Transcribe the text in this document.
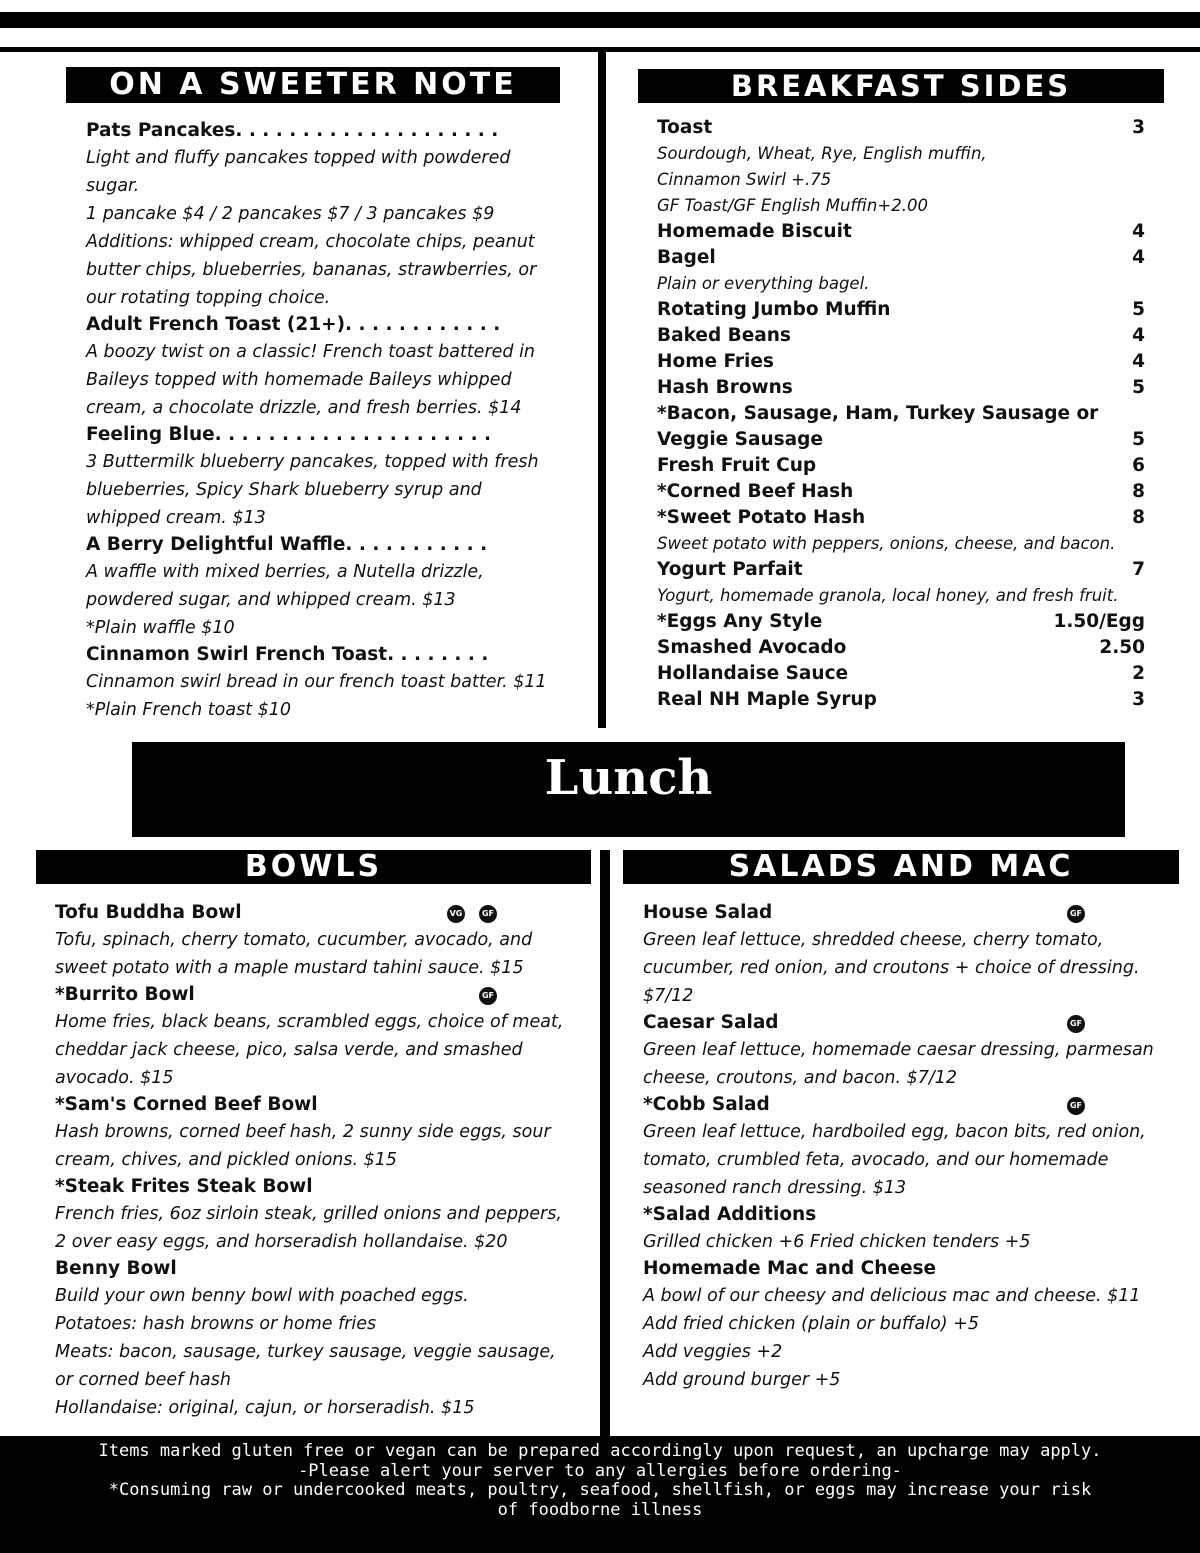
ON A SWEETER NOTE
Pats Pancakes. . . . . . . . . . . . . . . . . . . .
Light and fluffy pancakes topped with powdered
sugar.
1 pancake $4 / 2 pancakes $7 / 3 pancakes $9
Additions: whipped cream, chocolate chips, peanut
butter chips, blueberries, bananas, strawberries, or
our rotating topping choice.
Adult French Toast (21+). . . . . . . . . . . .
A boozy twist on a classic! French toast battered in
Baileys topped with homemade Baileys whipped
cream, a chocolate drizzle, and fresh berries. $14
Feeling Blue. . . . . . . . . . . . . . . . . . . . .
3 Buttermilk blueberry pancakes, topped with fresh
blueberries, Spicy Shark blueberry syrup and
whipped cream. $13
A Berry Delightful Waffle. . . . . . . . . . .
A waffle with mixed berries, a Nutella drizzle,
powdered sugar, and whipped cream. $13
*Plain waffle $10
Cinnamon Swirl French Toast. . . . . . . .
Cinnamon swirl bread in our french toast batter. $11
*Plain French toast $10
BREAKFAST SIDES
Toast	3
Sourdough, Wheat, Rye, English muffin,
Cinnamon Swirl +.75
GF Toast/GF English Muffin+2.00
Homemade Biscuit	4
Bagel	4
Plain or everything bagel.
Rotating Jumbo Muffin	5
Baked Beans	4
Home Fries	4
Hash Browns	5
*Bacon, Sausage, Ham, Turkey Sausage or
Veggie Sausage	5
Fresh Fruit Cup	6
*Corned Beef Hash	8
*Sweet Potato Hash	8
Sweet potato with peppers, onions, cheese, and bacon.
Yogurt Parfait	7
Yogurt, homemade granola, local honey, and fresh fruit.
*Eggs Any Style	1.50/Egg
Smashed Avocado	2.50
Hollandaise Sauce	2
Real NH Maple Syrup	3
Lunch
BOWLS
Tofu Buddha Bowl	VG	GF
Tofu, spinach, cherry tomato, cucumber, avocado, and
sweet potato with a maple mustard tahini sauce. $15
*Burrito Bowl	GF
Home fries, black beans, scrambled eggs, choice of meat,
cheddar jack cheese, pico, salsa verde, and smashed
avocado. $15
*Sam's Corned Beef Bowl
Hash browns, corned beef hash, 2 sunny side eggs, sour
cream, chives, and pickled onions. $15
*Steak Frites Steak Bowl
French fries, 6oz sirloin steak, grilled onions and peppers,
2 over easy eggs, and horseradish hollandaise. $20
Benny Bowl
Build your own benny bowl with poached eggs.
Potatoes: hash browns or home fries
Meats: bacon, sausage, turkey sausage, veggie sausage,
or corned beef hash
Hollandaise: original, cajun, or horseradish. $15
SALADS AND MAC
House Salad	GF
Green leaf lettuce, shredded cheese, cherry tomato,
cucumber, red onion, and croutons + choice of dressing.
$7/12
Caesar Salad	GF
Green leaf lettuce, homemade caesar dressing, parmesan
cheese, croutons, and bacon. $7/12
*Cobb Salad	GF
Green leaf lettuce, hardboiled egg, bacon bits, red onion,
tomato, crumbled feta, avocado, and our homemade
seasoned ranch dressing. $13
*Salad Additions
Grilled chicken +6 Fried chicken tenders +5
Homemade Mac and Cheese
A bowl of our cheesy and delicious mac and cheese. $11
Add fried chicken (plain or buffalo) +5
Add veggies +2
Add ground burger +5
Items marked gluten free or vegan can be prepared accordingly upon request, an upcharge may apply.
-Please alert your server to any allergies before ordering-
*Consuming raw or undercooked meats, poultry, seafood, shellfish, or eggs may increase your risk
of foodborne illness
